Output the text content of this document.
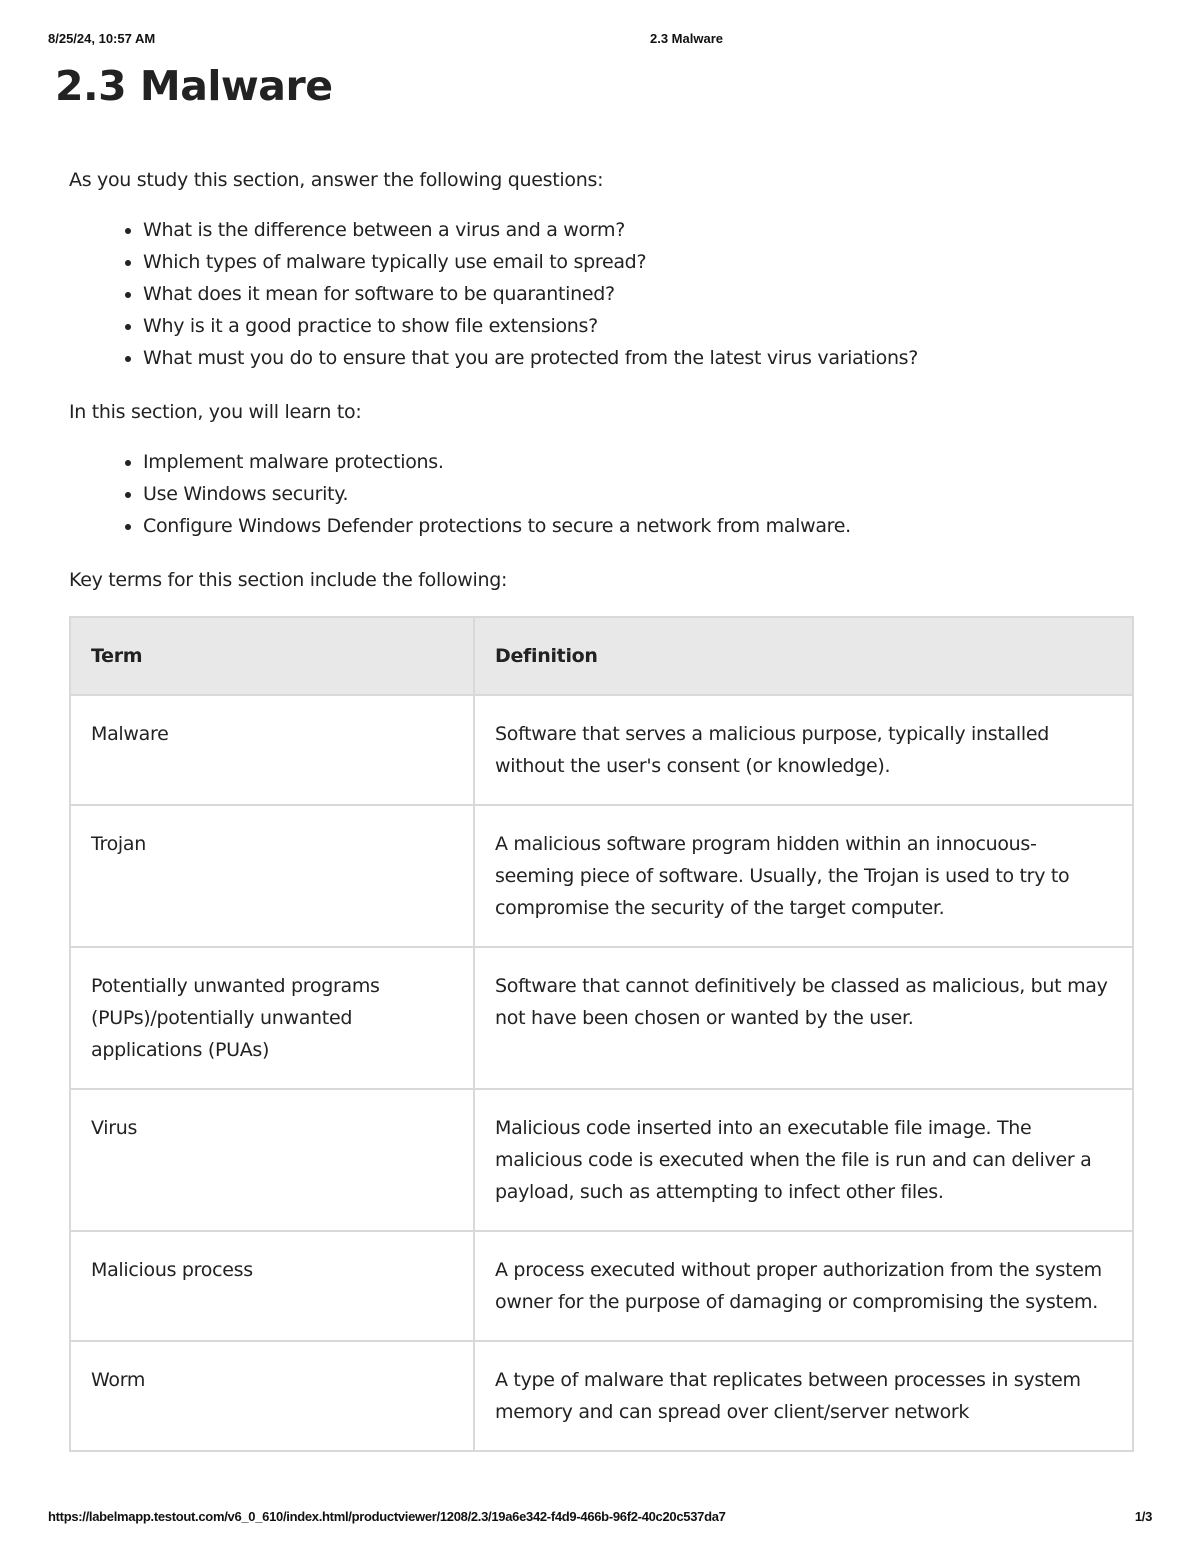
8/25/24, 10:57 AM	2.3 Malware
2.3 Malware

As you study this section, answer the following questions:

• What is the difference between a virus and a worm?
• Which types of malware typically use email to spread?
• What does it mean for software to be quarantined?
• Why is it a good practice to show file extensions?
• What must you do to ensure that you are protected from the latest virus variations?

In this section, you will learn to:

• Implement malware protections.
• Use Windows security.
• Configure Windows Defender protections to secure a network from malware.

Key terms for this section include the following:

Term	Definition
Malware	Software that serves a malicious purpose, typically installed without the user's consent (or knowledge).
Trojan	A malicious software program hidden within an innocuous-seeming piece of software. Usually, the Trojan is used to try to compromise the security of the target computer.
Potentially unwanted programs (PUPs)/potentially unwanted applications (PUAs)	Software that cannot definitively be classed as malicious, but may not have been chosen or wanted by the user.
Virus	Malicious code inserted into an executable file image. The malicious code is executed when the file is run and can deliver a payload, such as attempting to infect other files.
Malicious process	A process executed without proper authorization from the system owner for the purpose of damaging or compromising the system.
Worm	A type of malware that replicates between processes in system memory and can spread over client/server network
https://labelmapp.testout.com/v6_0_610/index.html/productviewer/1208/2.3/19a6e342-f4d9-466b-96f2-40c20c537da7	1/3
